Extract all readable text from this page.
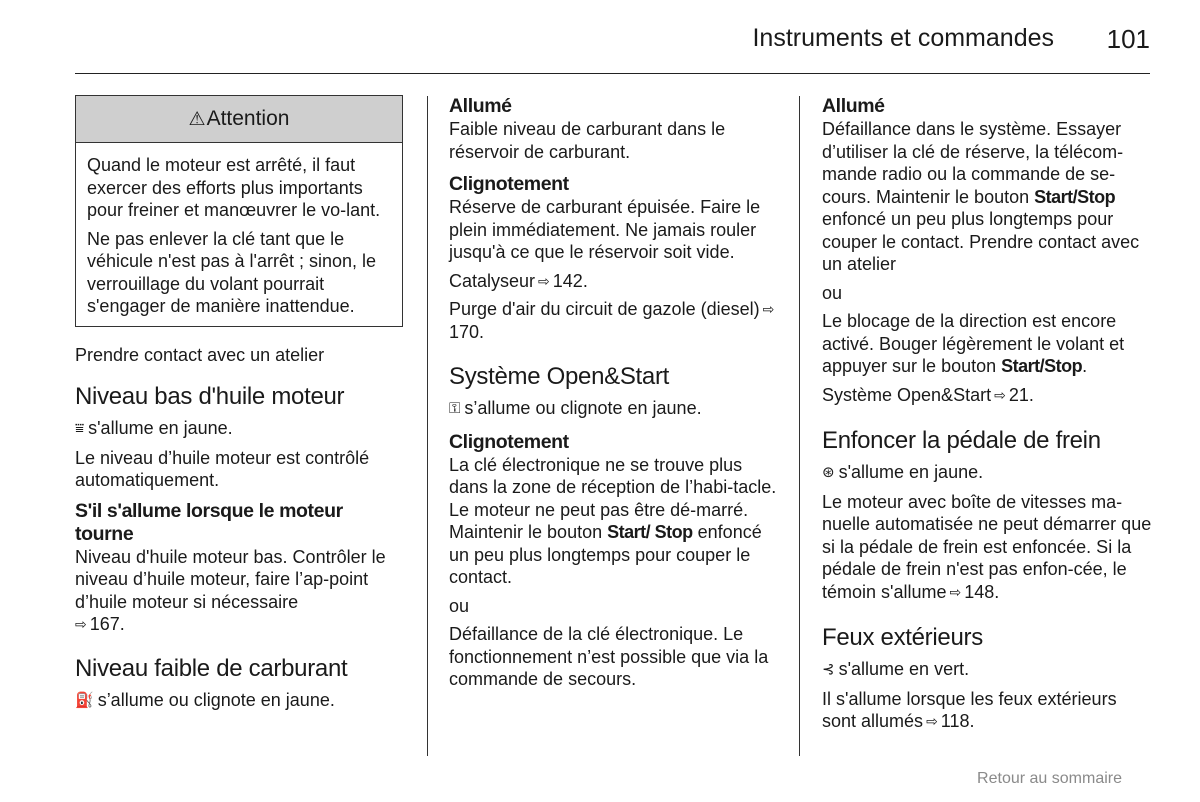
Instruments et commandes	101
⚠ Attention

Quand le moteur est arrêté, il faut exercer des efforts plus importants pour freiner et manœuvrer le vo-lant.

Ne pas enlever la clé tant que le véhicule n'est pas à l'arrêt ; sinon, le verrouillage du volant pourrait s'engager de manière inattendue.

Prendre contact avec un atelier

Niveau bas d'huile moteur

⩸ s'allume en jaune.

Le niveau d’huile moteur est contrôlé automatiquement.

S'il s'allume lorsque le moteur tourne

Niveau d'huile moteur bas. Contrôler le niveau d’huile moteur, faire l’ap-point d’huile moteur si nécessaire

⇨ 167.

Niveau faible de carburant

⛽ s’allume ou clignote en jaune.

Allumé

Faible niveau de carburant dans le réservoir de carburant.

Clignotement

Réserve de carburant épuisée. Faire le plein immédiatement. Ne jamais rouler jusqu'à ce que le réservoir soit vide.

Catalyseur ⇨ 142.

Purge d'air du circuit de gazole (diesel) ⇨170.

Système Open&Start

⚿ s’allume ou clignote en jaune.

Clignotement

La clé électronique ne se trouve plus dans la zone de réception de l’habi-tacle. Le moteur ne peut pas être dé-marré. Maintenir le bouton Start/ Stop enfoncé un peu plus longtemps pour couper le contact.

ou

Défaillance de la clé électronique. Le fonctionnement n’est possible que via la commande de secours.

Allumé

Défaillance dans le système. Essayer d’utiliser la clé de réserve, la télécom-mande radio ou la commande de se-cours. Maintenir le bouton Start/Stop enfoncé un peu plus longtemps pour couper le contact. Prendre contact avec un atelier

ou

Le blocage de la direction est encore activé. Bouger légèrement le volant et appuyer sur le bouton Start/Stop.

Système Open&Start ⇨ 21.

Enfoncer la pédale de frein

⊛ s'allume en jaune.

Le moteur avec boîte de vitesses ma-nuelle automatisée ne peut démarrer que si la pédale de frein est enfoncée. Si la pédale de frein n'est pas enfon-cée, le témoin s'allume ⇨ 148.

Feux extérieurs

⊰ s'allume en vert.

Il s'allume lorsque les feux extérieurs sont allumés ⇨ 118.

Retour au sommaire
